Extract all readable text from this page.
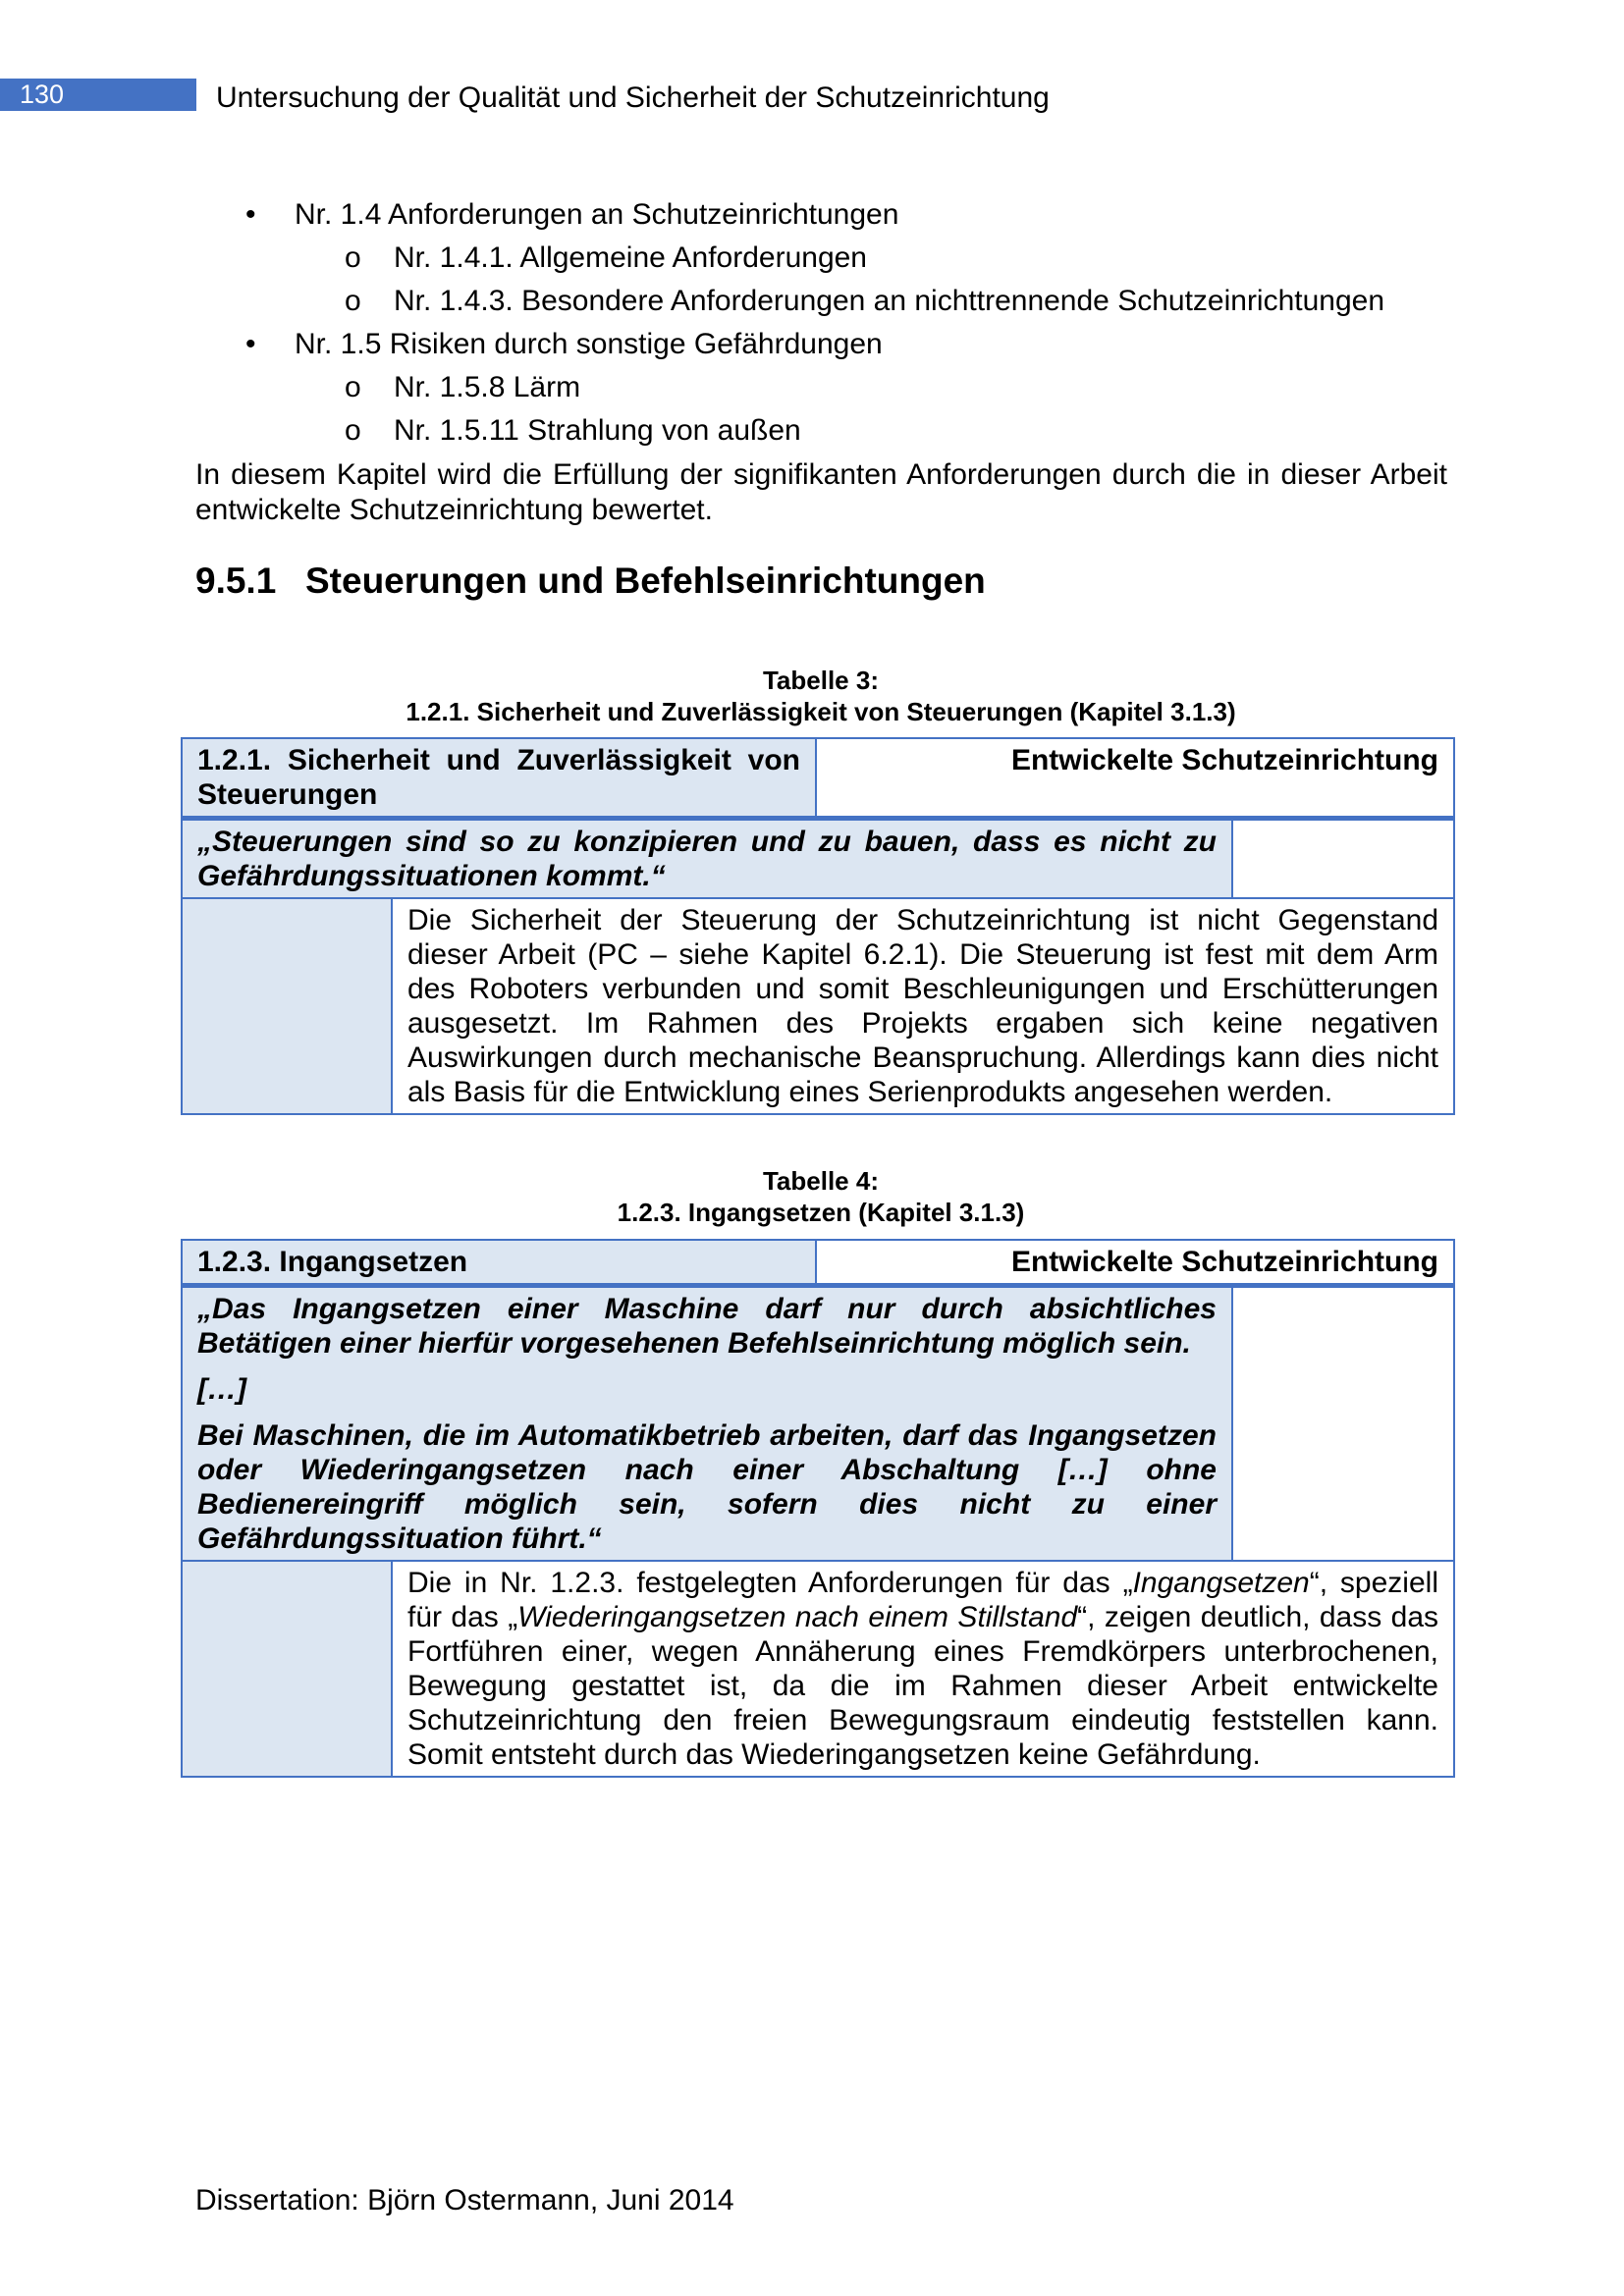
130	Untersuchung der Qualität und Sicherheit der Schutzeinrichtung
• Nr. 1.4 Anforderungen an Schutzeinrichtungen
o Nr. 1.4.1. Allgemeine Anforderungen
o Nr. 1.4.3. Besondere Anforderungen an nichttrennende Schutzeinrichtungen
• Nr. 1.5 Risiken durch sonstige Gefährdungen
o Nr. 1.5.8 Lärm
o Nr. 1.5.11 Strahlung von außen
In diesem Kapitel wird die Erfüllung der signifikanten Anforderungen durch die in dieser Arbeit entwickelte Schutzeinrichtung bewertet.
9.5.1 Steuerungen und Befehlseinrichtungen
Tabelle 3:
1.2.1. Sicherheit und Zuverlässigkeit von Steuerungen (Kapitel 3.1.3)
1.2.1. Sicherheit und Zuverlässigkeit von Steuerungen		Entwickelte Schutzeinrichtung	
„Steuerungen sind so zu konzipieren und zu bauen, dass es nicht zu Gefährdungssituationen kommt.“			
	Die Sicherheit der Steuerung der Schutzeinrichtung ist nicht Gegenstand dieser Arbeit (PC – siehe Kapitel 6.2.1). Die Steuerung ist fest mit dem Arm des Roboters verbunden und somit Beschleunigungen und Erschütterungen ausgesetzt. Im Rahmen des Projekts ergaben sich keine negativen Auswirkungen durch mechanische Beanspruchung. Allerdings kann dies nicht als Basis für die Entwicklung eines Serienprodukts angesehen werden.		
Tabelle 4:
1.2.3. Ingangsetzen (Kapitel 3.1.3)
1.2.3. Ingangsetzen		Entwickelte Schutzeinrichtung	

„Das Ingangsetzen einer Maschine darf nur durch absichtliches Betätigen einer hierfür vorgesehenen Befehlseinrichtung möglich sein.
[…]
Bei Maschinen, die im Automatikbetrieb arbeiten, darf das Ingangsetzen oder Wiederingangsetzen nach einer Abschaltung […] ohne Bedienereingriff möglich sein, sofern dies nicht zu einer Gefährdungssituation führt.“			

	Die in Nr. 1.2.3. festgelegten Anforderungen für das „Ingangsetzen“, speziell für das „Wiederingangsetzen nach einem Stillstand“, zeigen deutlich, dass das Fortführen einer, wegen Annäherung eines Fremdkörpers unterbrochenen, Bewegung gestattet ist, da die im Rahmen dieser Arbeit entwickelte Schutzeinrichtung den freien Bewegungsraum eindeutig feststellen kann. Somit entsteht durch das Wiederingangsetzen keine Gefährdung.		
Dissertation: Björn Ostermann, Juni 2014
